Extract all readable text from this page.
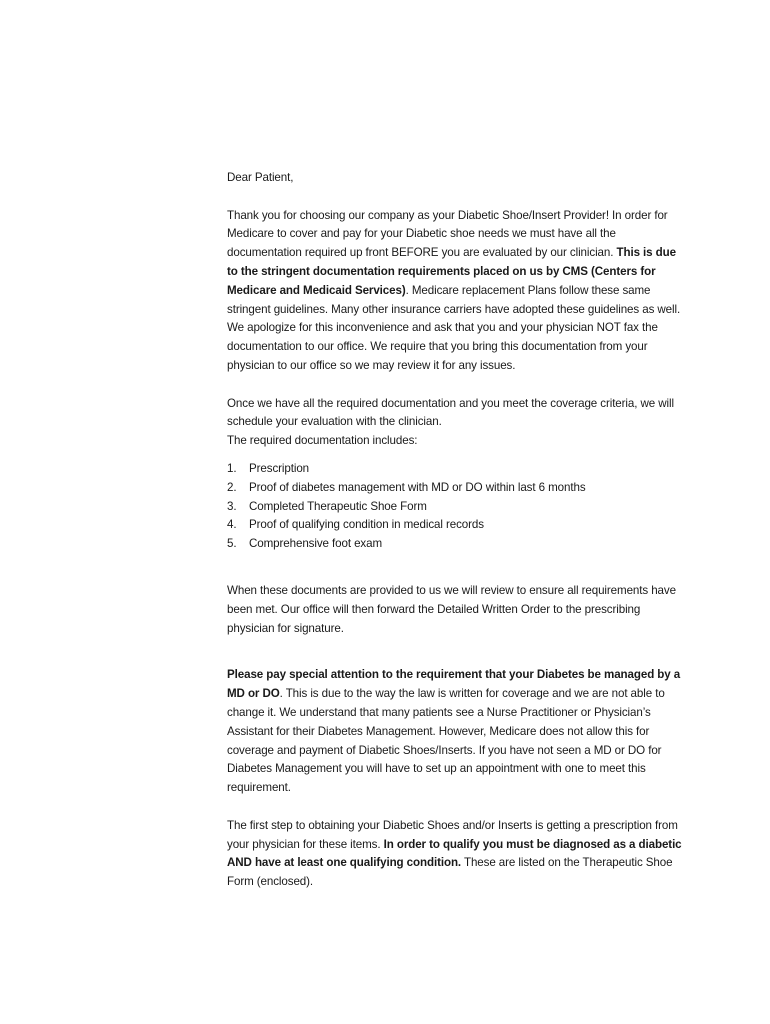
Dear Patient,

Thank you for choosing our company as your Diabetic Shoe/Insert Provider! In order for Medicare to cover and pay for your Diabetic shoe needs we must have all the documentation required up front BEFORE you are evaluated by our clinician. This is due to the stringent documentation requirements placed on us by CMS (Centers for Medicare and Medicaid Services). Medicare replacement Plans follow these same stringent guidelines. Many other insurance carriers have adopted these guidelines as well. We apologize for this inconvenience and ask that you and your physician NOT fax the documentation to our office. We require that you bring this documentation from your physician to our office so we may review it for any issues.

Once we have all the required documentation and you meet the coverage criteria, we will schedule your evaluation with the clinician.

The required documentation includes:

1.	Prescription
2.	Proof of diabetes management with MD or DO within last 6 months
3.	Completed Therapeutic Shoe Form
4.	Proof of qualifying condition in medical records
5.	Comprehensive foot exam

When these documents are provided to us we will review to ensure all requirements have been met. Our office will then forward the Detailed Written Order to the prescribing physician for signature.

Please pay special attention to the requirement that your Diabetes be managed by a MD or DO. This is due to the way the law is written for coverage and we are not able to change it. We understand that many patients see a Nurse Practitioner or Physician’s Assistant for their Diabetes Management. However, Medicare does not allow this for coverage and payment of Diabetic Shoes/Inserts. If you have not seen a MD or DO for Diabetes Management you will have to set up an appointment with one to meet this requirement.

The first step to obtaining your Diabetic Shoes and/or Inserts is getting a prescription from your physician for these items. In order to qualify you must be diagnosed as a diabetic AND have at least one qualifying condition. These are listed on the Therapeutic Shoe Form (enclosed).
